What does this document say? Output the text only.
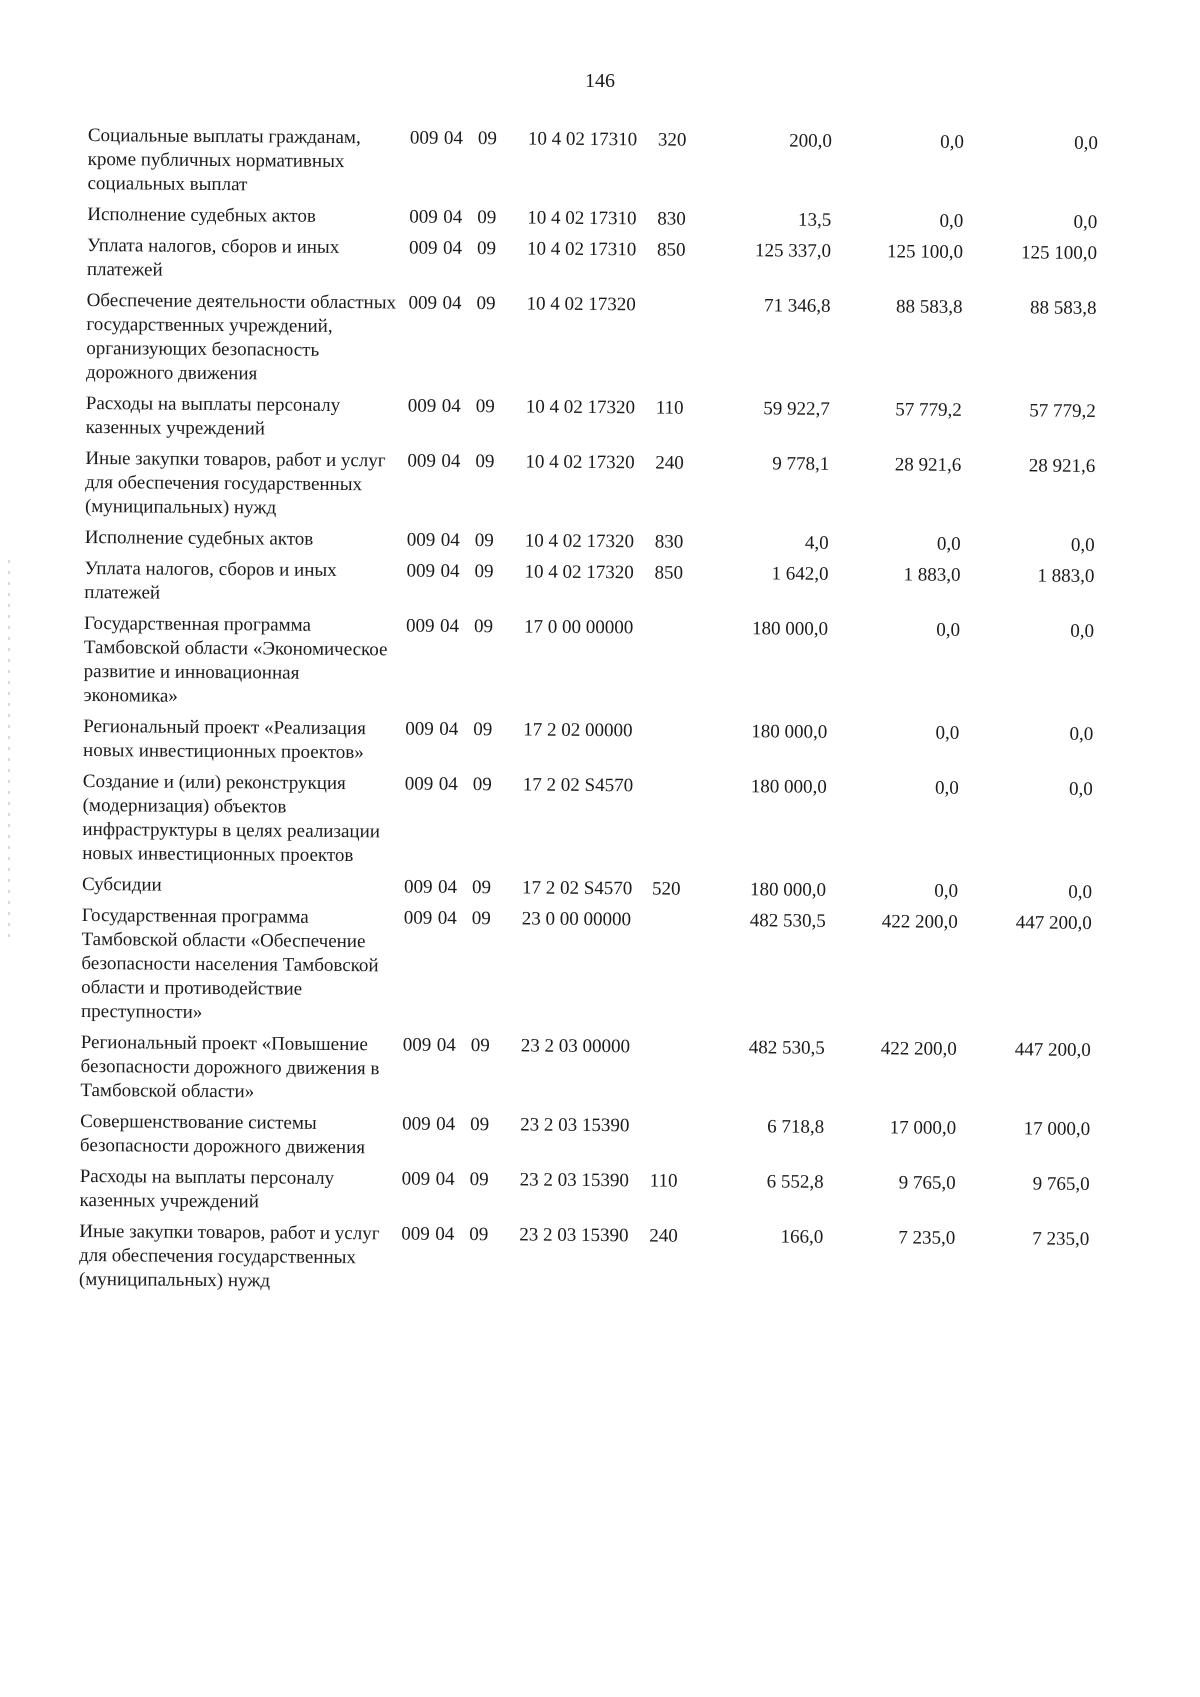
146
Социальные выплаты гражданам, кроме публичных нормативных социальных выплат	009	04	09	10 4 02 17310	320	200,0	0,0	0,0
Исполнение судебных актов	009	04	09	10 4 02 17310	830	13,5	0,0	0,0
Уплата налогов, сборов и иных платежей	009	04	09	10 4 02 17310	850	125 337,0	125 100,0	125 100,0
Обеспечение деятельности областных государственных учреждений, организующих безопасность дорожного движения	009	04	09	10 4 02 17320		71 346,8	88 583,8	88 583,8
Расходы на выплаты персоналу казенных учреждений	009	04	09	10 4 02 17320	110	59 922,7	57 779,2	57 779,2
Иные закупки товаров, работ и услуг для обеспечения государственных (муниципальных) нужд	009	04	09	10 4 02 17320	240	9 778,1	28 921,6	28 921,6
Исполнение судебных актов	009	04	09	10 4 02 17320	830	4,0	0,0	0,0
Уплата налогов, сборов и иных платежей	009	04	09	10 4 02 17320	850	1 642,0	1 883,0	1 883,0
Государственная программа Тамбовской области «Экономическое развитие и инновационная экономика»	009	04	09	17 0 00 00000		180 000,0	0,0	0,0
Региональный проект «Реализация новых инвестиционных проектов»	009	04	09	17 2 02 00000		180 000,0	0,0	0,0
Создание и (или) реконструкция (модернизация) объектов инфраструктуры в целях реализации новых инвестиционных проектов	009	04	09	17 2 02 S4570		180 000,0	0,0	0,0
Субсидии	009	04	09	17 2 02 S4570	520	180 000,0	0,0	0,0
Государственная программа Тамбовской области «Обеспечение безопасности населения Тамбовской области и противодействие преступности»	009	04	09	23 0 00 00000		482 530,5	422 200,0	447 200,0
Региональный проект «Повышение безопасности дорожного движения в Тамбовской области»	009	04	09	23 2 03 00000		482 530,5	422 200,0	447 200,0
Совершенствование системы безопасности дорожного движения	009	04	09	23 2 03 15390		6 718,8	17 000,0	17 000,0
Расходы на выплаты персоналу казенных учреждений	009	04	09	23 2 03 15390	110	6 552,8	9 765,0	9 765,0
Иные закупки товаров, работ и услуг для обеспечения государственных (муниципальных) нужд	009	04	09	23 2 03 15390	240	166,0	7 235,0	7 235,0
